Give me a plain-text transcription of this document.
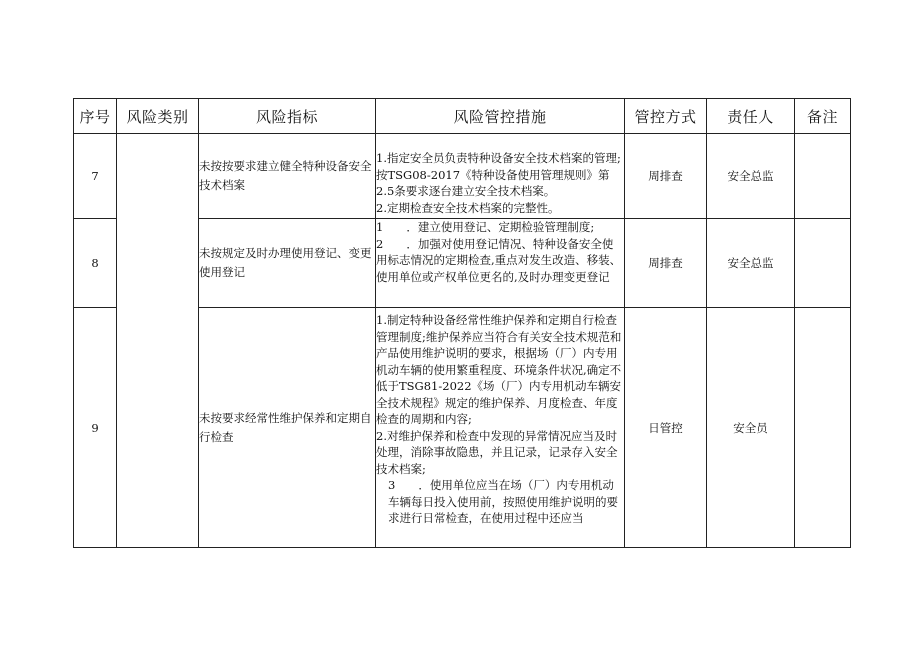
序号	风险类别	风险指标	风险管控措施	管控方式	责任人	备注
7		未按按要求建立健全特种设备安全技术档案	1.指定安全员负责特种设备安全技术档案的管理;按TSG08-2017《特种设备使用管理规则》第2.5条要求逐台建立安全技术档案。
2.定期检查安全技术档案的完整性。	周排查	安全总监	
8		未按规定及时办理使用登记、变更使用登记	1　　．建立使用登记、定期检验管理制度;
2　　．加强对使用登记情况、特种设备安全使用标志情况的定期检查,重点对发生改造、移装、使用单位或产权单位更名的,及时办理变更登记	周排查	安全总监	
9		未按要求经常性维护保养和定期自行检查	1.制定特种设备经常性维护保养和定期自行检查管理制度;维护保养应当符合有关安全技术规范和产品使用维护说明的要求，根据场（厂）内专用机动车辆的使用繁重程度、环境条件状况,确定不低于TSG81-2022《场（厂）内专用机动车辆安全技术规程》规定的维护保养、月度检查、年度检查的周期和内容;
2.对维护保养和检查中发现的异常情况应当及时处理，消除事故隐患，并且记录，记录存入安全技术档案;
3　　．使用单位应当在场（厂）内专用机动车辆每日投入使用前，按照使用维护说明的要求进行日常检查，在使用过程中还应当	日管控	安全员	
